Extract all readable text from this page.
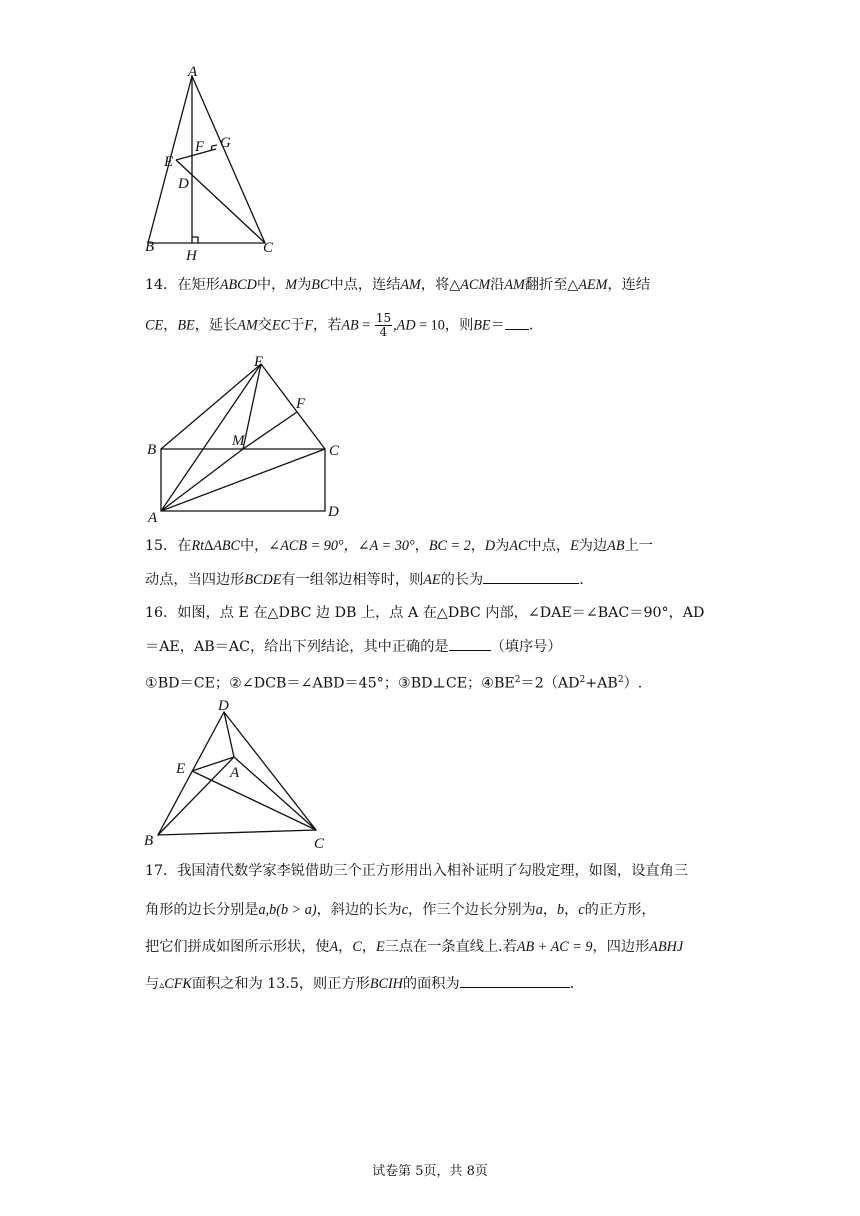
A
B	C
D
E
F G
H
14．在矩形ABCD中，M为BC中点，连结AM，将△ACM沿AM翻折至△AEM，连结
CE，BE，延长AM交EC于F，若AB = $\frac{15}{4} ,AD = 10$，则BE＝ .
E
F
M
B	C
A	D
15．在RtΔABC中，∠ACB = 90°，∠A = 30°，BC = 2，D为AC中点，E为边AB上一
动点，当四边形BCDE有一组邻边相等时，则AE的长为	.
16．如图，点 E 在△DBC 边 DB 上，点 A 在△DBC 内部，∠DAE＝∠BAC＝90°，AD
＝AE，AB＝AC，给出下列结论，其中正确的是	（填序号）
①BD＝CE；②∠DCB＝∠ABD＝45°；③BD⊥CE；$④BE^2=2(AD^2+AB^2)$.
D
E	A
B	C
17．我国清代数学家李锐借助三个正方形用出入相补证明了勾股定理，如图，设直角三
角形的边长分别是a,b(b > a)，斜边的长为c，作三个边长分别为a，b，c的正方形，
把它们拼成如图所示形状，使A，C，E三点在一条直线上.若AB + AC = 9，四边形ABHJ
与▵CFK面积之和为 13.5，则正方形BCIH的面积为	.
试卷第 5页，共 8页
